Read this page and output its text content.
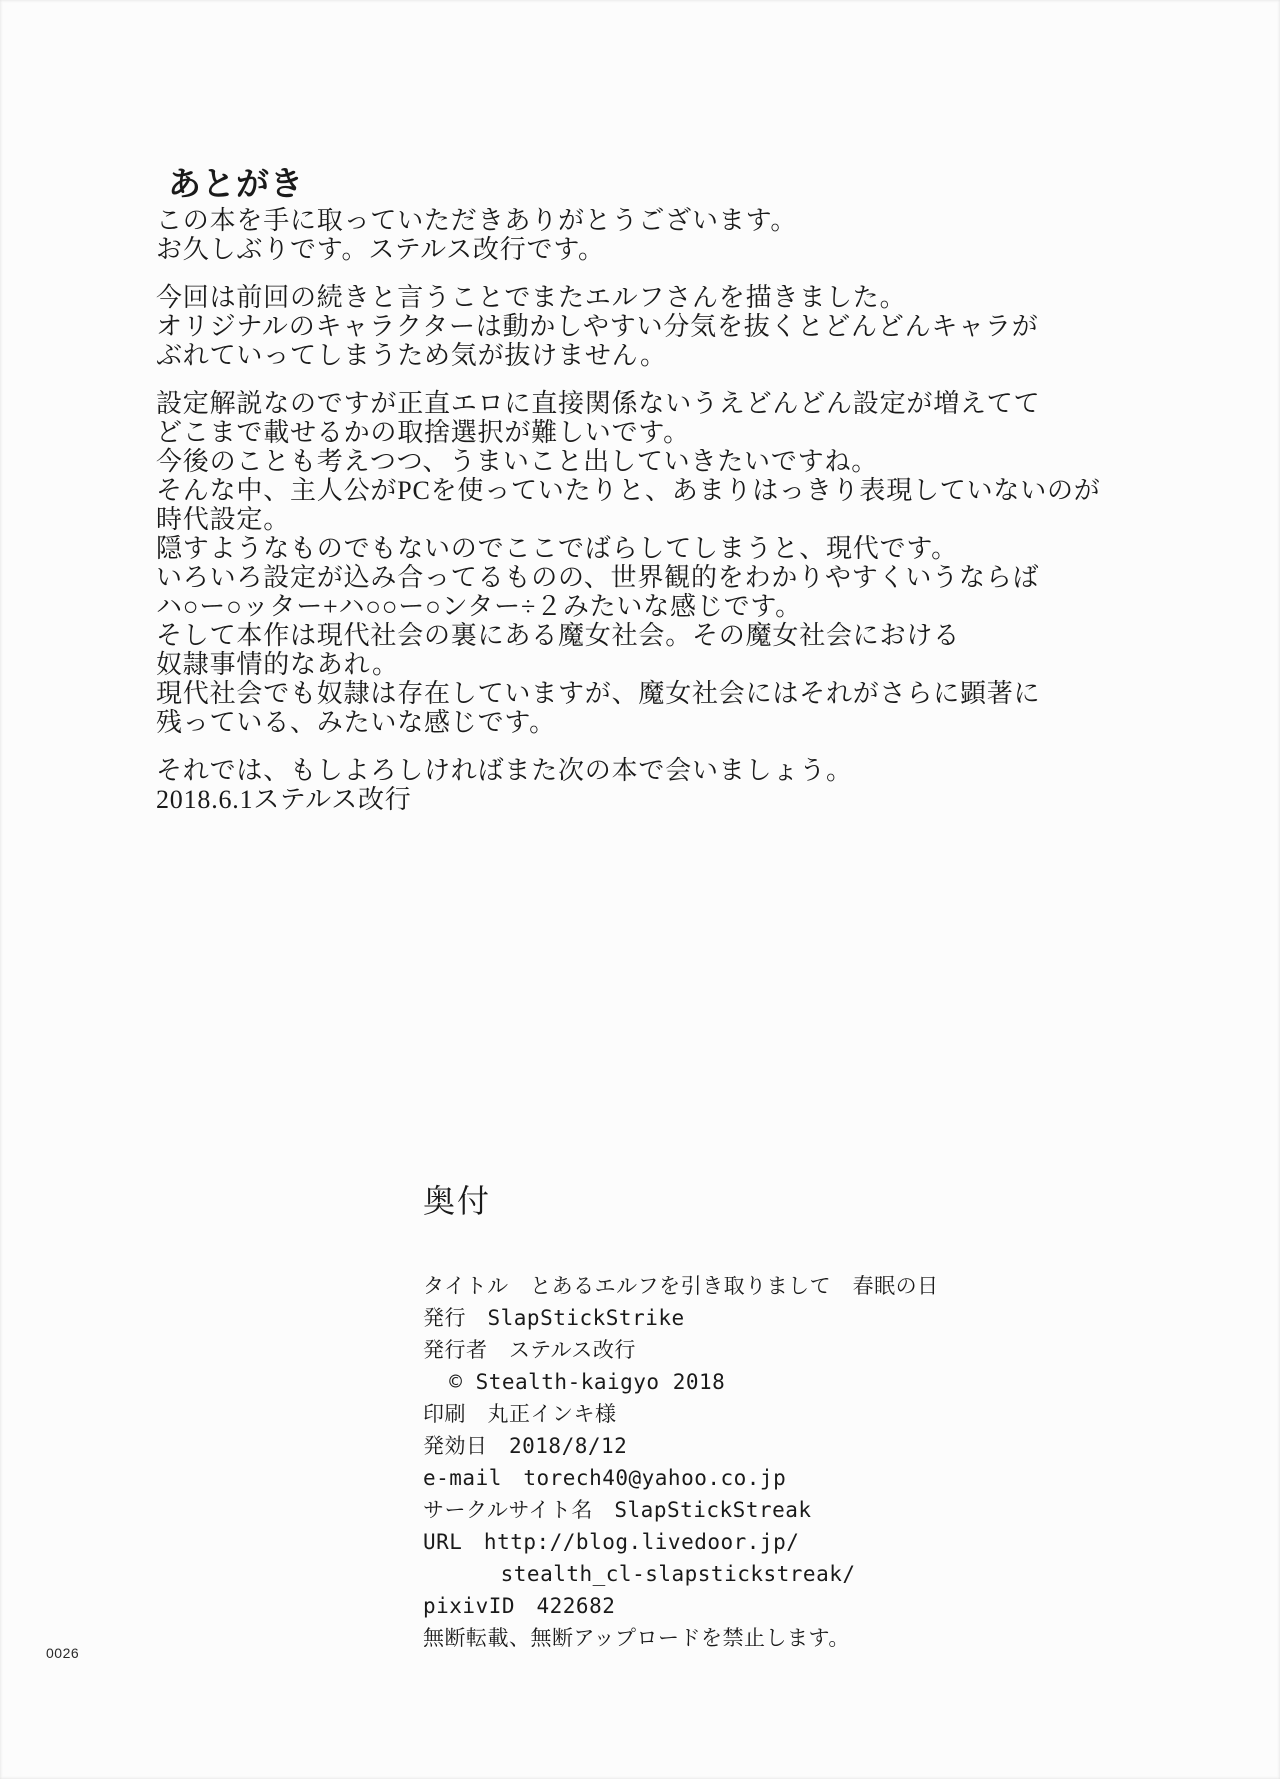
あとがき

この本を手に取っていただきありがとうございます。
お久しぶりです。ステルス改行です。

今回は前回の続きと言うことでまたエルフさんを描きました。
オリジナルのキャラクターは動かしやすい分気を抜くとどんどんキャラが
ぶれていってしまうため気が抜けません。

設定解説なのですが正直エロに直接関係ないうえどんどん設定が増えてて
どこまで載せるかの取捨選択が難しいです。
今後のことも考えつつ、うまいこと出していきたいですね。
そんな中、主人公がPCを使っていたりと、あまりはっきり表現していないのが
時代設定。
隠すようなものでもないのでここでばらしてしまうと、現代です。
いろいろ設定が込み合ってるものの、世界観的をわかりやすくいうならば
ハ○ー○ッター+ハ○○ー○ンター÷２みたいな感じです。
そして本作は現代社会の裏にある魔女社会。その魔女社会における
奴隷事情的なあれ。
現代社会でも奴隷は存在していますが、魔女社会にはそれがさらに顕著に
残っている、みたいな感じです。

それでは、もしよろしければまた次の本で会いましょう。
2018.6.1ステルス改行

奥付
タイトル　とあるエルフを引き取りまして　春眠の日
発行　SlapStickStrike
発行者　ステルス改行
© Stealth-kaigyo 2018
印刷　丸正インキ様
発効日　2018/8/12
e-mail　torech40@yahoo.co.jp
サークルサイト名　SlapStickStreak
URL　http://blog.livedoor.jp/
　　　 stealth_cl-slapstickstreak/
pixivID　422682
無断転載、無断アップロードを禁止します。
0026
